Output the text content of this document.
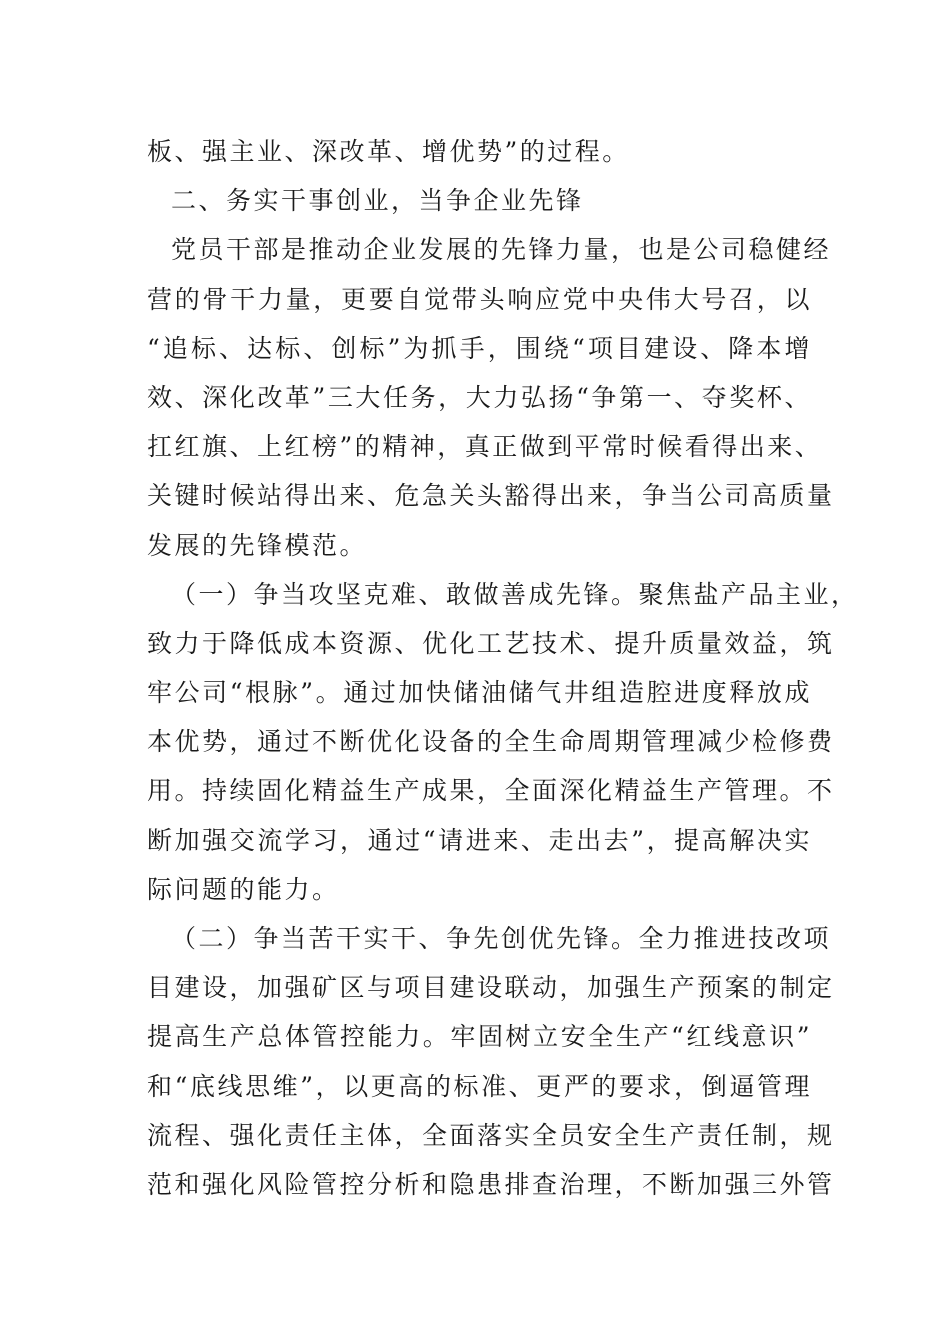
板、强主业、深改革、增优势”的过程。
二、务实干事创业，当争企业先锋
党员干部是推动企业发展的先锋力量，也是公司稳健经
营的骨干力量，更要自觉带头响应党中央伟大号召，以
“追标、达标、创标”为抓手，围绕“项目建设、降本增
效、深化改革”三大任务，大力弘扬“争第一、夺奖杯、
扛红旗、上红榜”的精神，真正做到平常时候看得出来、
关键时候站得出来、危急关头豁得出来，争当公司高质量
发展的先锋模范。
（一）争当攻坚克难、敢做善成先锋。聚焦盐产品主业，
致力于降低成本资源、优化工艺技术、提升质量效益，筑
牢公司“根脉”。通过加快储油储气井组造腔进度释放成
本优势，通过不断优化设备的全生命周期管理减少检修费
用。持续固化精益生产成果，全面深化精益生产管理。不
断加强交流学习，通过“请进来、走出去”，提高解决实
际问题的能力。
（二）争当苦干实干、争先创优先锋。全力推进技改项
目建设，加强矿区与项目建设联动，加强生产预案的制定
提高生产总体管控能力。牢固树立安全生产“红线意识”
和“底线思维”，以更高的标准、更严的要求，倒逼管理
流程、强化责任主体，全面落实全员安全生产责任制，规
范和强化风险管控分析和隐患排查治理，不断加强三外管
